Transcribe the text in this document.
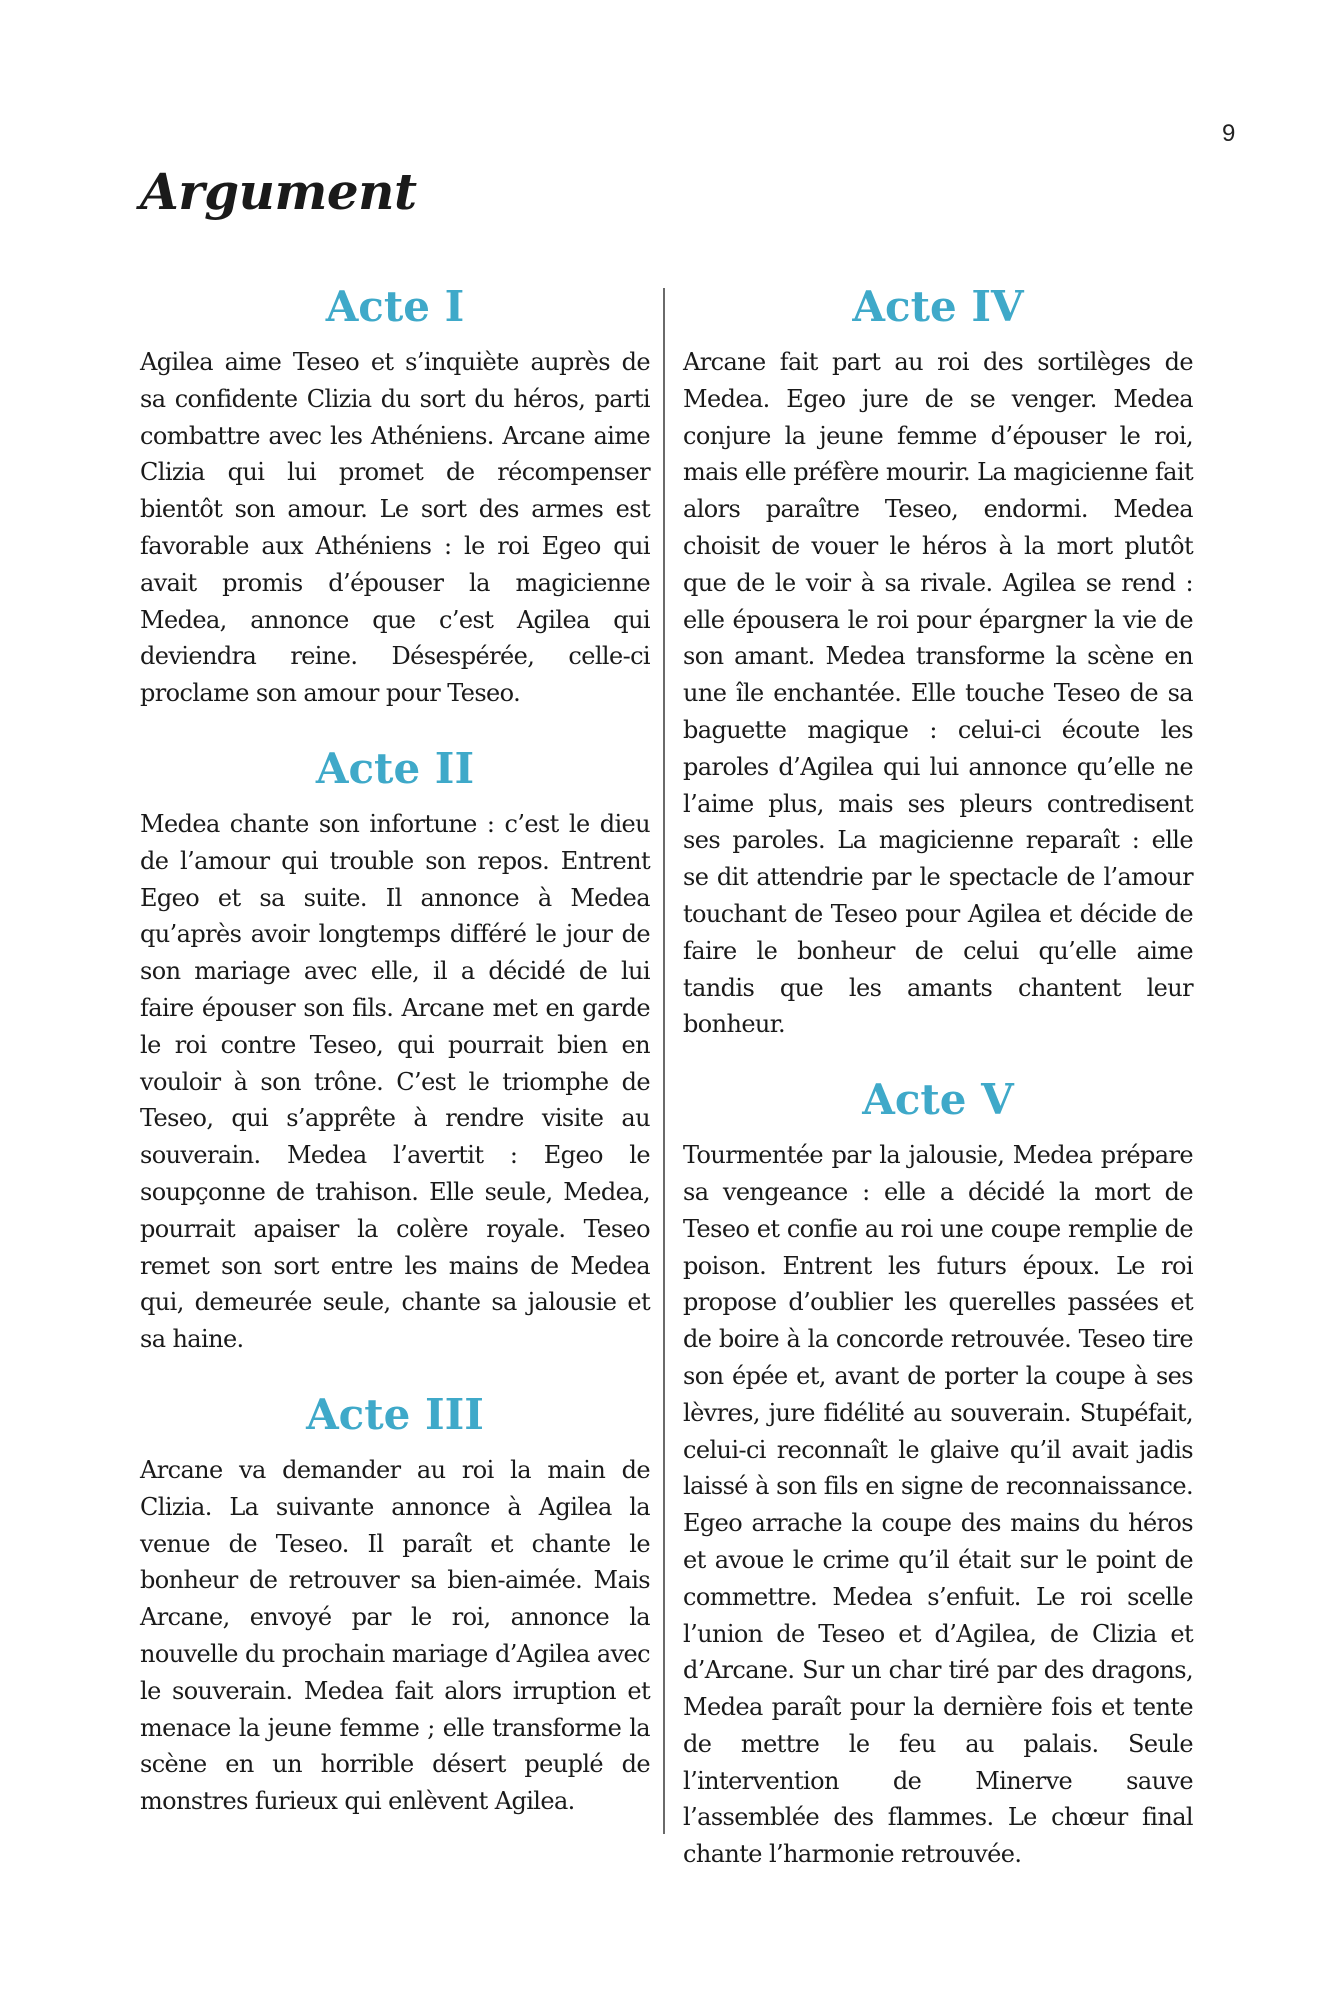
9
Argument
Acte I

Agilea aime Teseo et s’inquiète auprès de sa confidente Clizia du sort du héros, parti combattre avec les Athéniens. Arcane aime Clizia qui lui promet de récompenser bientôt son amour. Le sort des armes est favorable aux Athéniens : le roi Egeo qui avait promis d’épouser la magicienne Medea, annonce que c’est Agilea qui deviendra reine. Désespérée, celle-ci proclame son amour pour Teseo.

Acte II

Medea chante son infortune : c’est le dieu de l’amour qui trouble son repos. Entrent Egeo et sa suite. Il annonce à Medea qu’après avoir longtemps différé le jour de son mariage avec elle, il a décidé de lui faire épouser son fils. Arcane met en garde le roi contre Teseo, qui pourrait bien en vouloir à son trône. C’est le triomphe de Teseo, qui s’apprête à rendre visite au souverain. Medea l’avertit : Egeo le soupçonne de trahison. Elle seule, Medea, pourrait apaiser la colère royale. Teseo remet son sort entre les mains de Medea qui, demeurée seule, chante sa jalousie et sa haine.

Acte III

Arcane va demander au roi la main de Clizia. La suivante annonce à Agilea la venue de Teseo. Il paraît et chante le bonheur de retrouver sa bien-aimée. Mais Arcane, envoyé par le roi, annonce la nouvelle du prochain mariage d’Agilea avec le souverain. Medea fait alors irruption et menace la jeune femme ; elle transforme la scène en un horrible désert peuplé de monstres furieux qui enlèvent Agilea.

Acte IV

Arcane fait part au roi des sortilèges de Medea. Egeo jure de se venger. Medea conjure la jeune femme d’épouser le roi, mais elle préfère mourir. La magicienne fait alors paraître Teseo, endormi. Medea choisit de vouer le héros à la mort plutôt que de le voir à sa rivale. Agilea se rend : elle épousera le roi pour épargner la vie de son amant. Medea transforme la scène en une île enchantée. Elle touche Teseo de sa baguette magique : celui-ci écoute les paroles d’Agilea qui lui annonce qu’elle ne l’aime plus, mais ses pleurs contredisent ses paroles. La magicienne reparaît : elle se dit attendrie par le spectacle de l’amour touchant de Teseo pour Agilea et décide de faire le bonheur de celui qu’elle aime tandis que les amants chantent leur bonheur.

Acte V

Tourmentée par la jalousie, Medea prépare sa vengeance : elle a décidé la mort de Teseo et confie au roi une coupe remplie de poison. Entrent les futurs époux. Le roi propose d’oublier les querelles passées et de boire à la concorde retrouvée. Teseo tire son épée et, avant de porter la coupe à ses lèvres, jure fidélité au souverain. Stupéfait, celui-ci reconnaît le glaive qu’il avait jadis laissé à son fils en signe de reconnaissance. Egeo arrache la coupe des mains du héros et avoue le crime qu’il était sur le point de commettre. Medea s’enfuit. Le roi scelle l’union de Teseo et d’Agilea, de Clizia et d’Arcane. Sur un char tiré par des dragons, Medea paraît pour la dernière fois et tente de mettre le feu au palais. Seule l’intervention de Minerve sauve l’assemblée des flammes. Le chœur final chante l’harmonie retrouvée.
